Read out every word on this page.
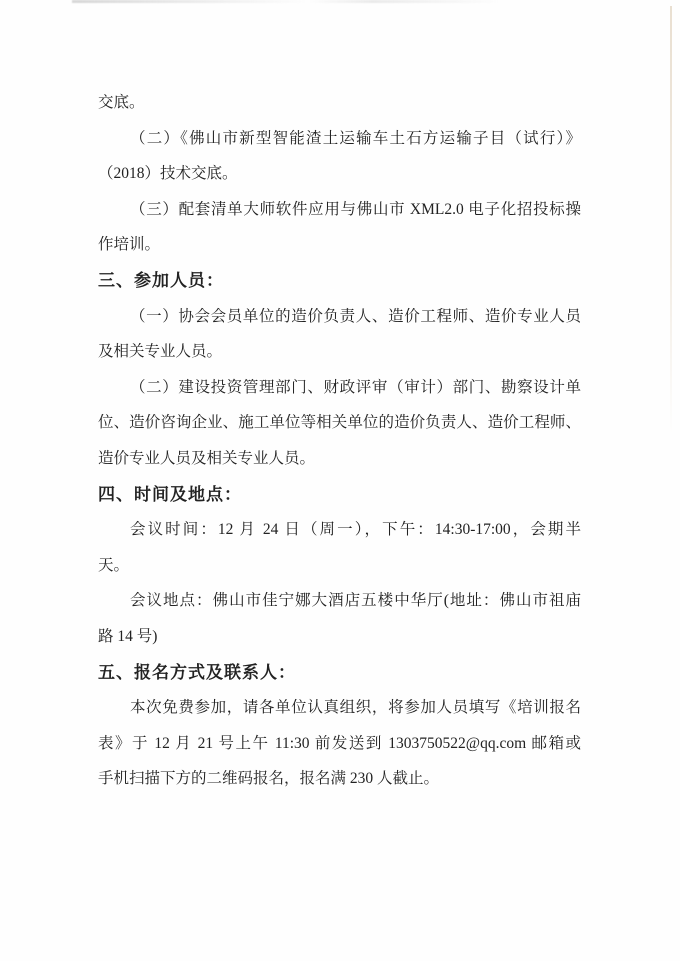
交底。
（二）《佛山市新型智能渣土运输车土石方运输子目（试行）》
（2018）技术交底。
（三）配套清单大师软件应用与佛山市 XML2.0 电子化招投标操
作培训。
三、参加人员：
（一）协会会员单位的造价负责人、造价工程师、造价专业人员
及相关专业人员。
（二）建设投资管理部门、财政评审（审计）部门、勘察设计单
位、造价咨询企业、施工单位等相关单位的造价负责人、造价工程师、
造价专业人员及相关专业人员。
四、时间及地点：
会议时间：12 月 24 日（周一），下午：14:30-17:00，会期半
天。
会议地点：佛山市佳宁娜大酒店五楼中华厅(地址：佛山市祖庙
路 14 号)
五、报名方式及联系人：
本次免费参加，请各单位认真组织，将参加人员填写《培训报名
表》于 12 月 21 号上午 11:30 前发送到 1303750522@qq.com 邮箱或
手机扫描下方的二维码报名，报名满 230 人截止。
